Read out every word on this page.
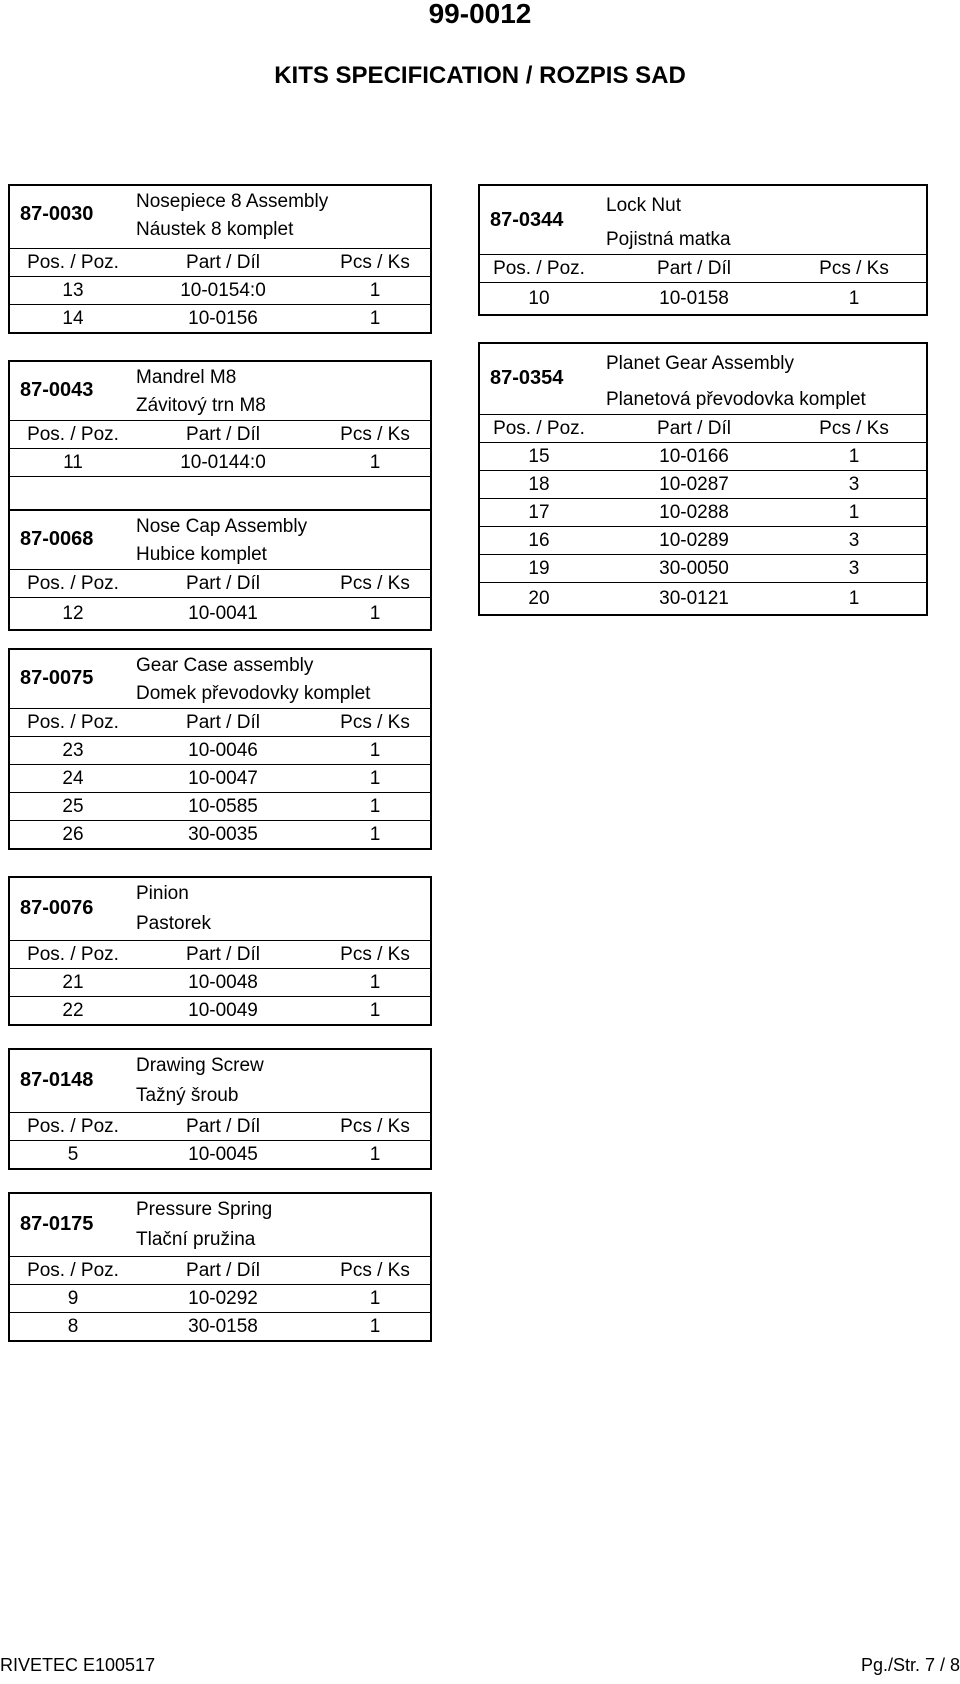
99-0012
KITS SPECIFICATION / ROZPIS SAD
87-0030
Nosepiece 8 Assembly
Náustek 8 komplet
Pos. / Poz.	Part / Díl	Pcs / Ks
13	10-0154:0	1
14	10-0156	1
87-0043
Mandrel M8
Závitový trn M8
Pos. / Poz.	Part / Díl	Pcs / Ks
11	10-0144:0	1
87-0068
Nose Cap Assembly
Hubice komplet
Pos. / Poz.	Part / Díl	Pcs / Ks
12	10-0041	1
87-0075
Gear Case assembly
Domek převodovky komplet
Pos. / Poz.	Part / Díl	Pcs / Ks
23	10-0046	1
24	10-0047	1
25	10-0585	1
26	30-0035	1
87-0076
Pinion
Pastorek
Pos. / Poz.	Part / Díl	Pcs / Ks
21	10-0048	1
22	10-0049	1
87-0148
Drawing Screw
Tažný šroub
Pos. / Poz.	Part / Díl	Pcs / Ks
5	10-0045	1
87-0175
Pressure Spring
Tlační pružina
Pos. / Poz.	Part / Díl	Pcs / Ks
9	10-0292	1
8	30-0158	1
87-0344
Lock Nut
Pojistná matka
Pos. / Poz.	Part / Díl	Pcs / Ks
10	10-0158	1
87-0354
Planet Gear Assembly
Planetová převodovka komplet
Pos. / Poz.	Part / Díl	Pcs / Ks
15	10-0166	1
18	10-0287	3
17	10-0288	1
16	10-0289	3
19	30-0050	3
20	30-0121	1
RIVETEC E100517	Pg./Str. 7 / 8
